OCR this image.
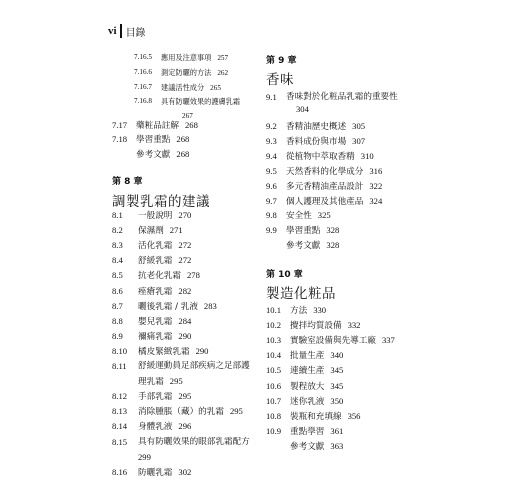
vi 目錄
7.16.5 應用及注意事項 257
7.16.6 測定防曬的方法 262
7.16.7 建議活性成分 265
7.16.8 具有防曬效果的護膚乳霜
267
7.17 藥粧品註解 268
7.18 學習重點 268
參考文獻 268
第 8 章
調製乳霜的建議
8.1 一般說明 270
8.2 保濕劑 271
8.3 活化乳霜 272
8.4 舒緩乳霜 272
8.5 抗老化乳霜 278
8.6 痤瘡乳霜 282
8.7 曬後乳霜 / 乳液 283
8.8 嬰兒乳霜 284
8.9 禰痛乳霜 290
8.10 橘皮緊緻乳霜 290
8.11 舒緩運動員足部疾病之足部護
理乳霜 295
8.12 手部乳霜 295
8.13 消除腫脹（藏）的乳霜 295
8.14 身體乳液 296
8.15 具有防曬效果的眼部乳霜配方
299
8.16 防曬乳霜 302
第 9 章
香味
9.1 香味對於化粧品乳霜的重要性
304
9.2 香精油歷史概述 305
9.3 香料成份與市場 307
9.4 從植物中萃取香精 310
9.5 天然香料的化學成分 316
9.6 多元香精油產品設計 322
9.7 個人護理及其他產品 324
9.8 安全性 325
9.9 學習重點 328
參考文獻 328
第 10 章
製造化粧品
10.1 方法 330
10.2 攪拌均質設備 332
10.3 實驗室設備與先導工廠 337
10.4 批量生產 340
10.5 連續生產 345
10.6 製程放大 345
10.7 迷你乳液 350
10.8 裝瓶和充填線 356
10.9 重點學習 361
參考文獻 363
